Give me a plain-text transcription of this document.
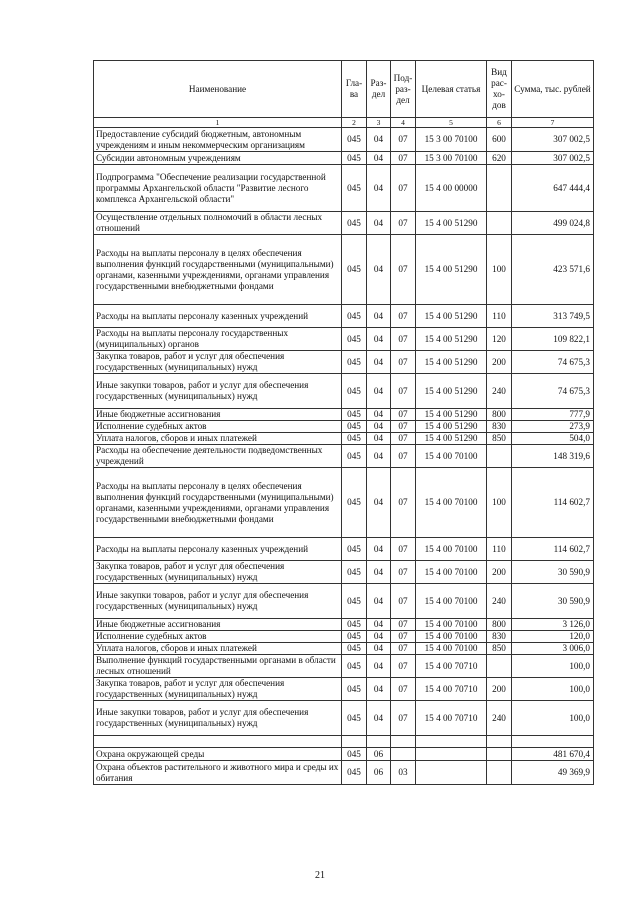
Наименование	Гла-ва	Раз-дел	Под-раз-дел	Целевая статья	Вид рас-хо-дов	Сумма, тыс. рублей
1	2	3	4	5	6	7
Предоставление субсидий бюджетным, автономным учреждениям и иным некоммерческим организациям	045	04	07	15 3 00 70100	600	307 002,5
Субсидии автономным учреждениям	045	04	07	15 3 00 70100	620	307 002,5
Подпрограмма "Обеспечение реализации государственной программы Архангельской области "Развитие лесного комплекса Архангельской области"	045	04	07	15 4 00 00000		647 444,4
Осуществление отдельных полномочий в области лесных отношений	045	04	07	15 4 00 51290		499 024,8
Расходы на выплаты персоналу в целях обеспечения выполнения функций государственными (муниципальными) органами, казенными учреждениями, органами управления государственными внебюджетными фондами	045	04	07	15 4 00 51290	100	423 571,6
Расходы на выплаты персоналу казенных учреждений	045	04	07	15 4 00 51290	110	313 749,5
Расходы на выплаты персоналу государственных (муниципальных) органов	045	04	07	15 4 00 51290	120	109 822,1
Закупка товаров, работ и услуг для обеспечения государственных (муниципальных) нужд	045	04	07	15 4 00 51290	200	74 675,3
Иные закупки товаров, работ и услуг для обеспечения государственных (муниципальных) нужд	045	04	07	15 4 00 51290	240	74 675,3
Иные бюджетные ассигнования	045	04	07	15 4 00 51290	800	777,9
Исполнение судебных актов	045	04	07	15 4 00 51290	830	273,9
Уплата налогов, сборов и иных платежей	045	04	07	15 4 00 51290	850	504,0
Расходы на обеспечение деятельности подведомственных учреждений	045	04	07	15 4 00 70100		148 319,6
Расходы на выплаты персоналу в целях обеспечения выполнения функций государственными (муниципальными) органами, казенными учреждениями, органами управления государственными внебюджетными фондами	045	04	07	15 4 00 70100	100	114 602,7
Расходы на выплаты персоналу казенных учреждений	045	04	07	15 4 00 70100	110	114 602,7
Закупка товаров, работ и услуг для обеспечения государственных (муниципальных) нужд	045	04	07	15 4 00 70100	200	30 590,9
Иные закупки товаров, работ и услуг для обеспечения государственных (муниципальных) нужд	045	04	07	15 4 00 70100	240	30 590,9
Иные бюджетные ассигнования	045	04	07	15 4 00 70100	800	3 126,0
Исполнение судебных актов	045	04	07	15 4 00 70100	830	120,0
Уплата налогов, сборов и иных платежей	045	04	07	15 4 00 70100	850	3 006,0
Выполнение функций государственными органами в области лесных отношений	045	04	07	15 4 00 70710		100,0
Закупка товаров, работ и услуг для обеспечения государственных (муниципальных) нужд	045	04	07	15 4 00 70710	200	100,0
Иные закупки товаров, работ и услуг для обеспечения государственных (муниципальных) нужд	045	04	07	15 4 00 70710	240	100,0

Охрана окружающей среды	045	06				481 670,4
Охрана объектов растительного и животного мира и среды их обитания	045	06	03			49 369,9
21
